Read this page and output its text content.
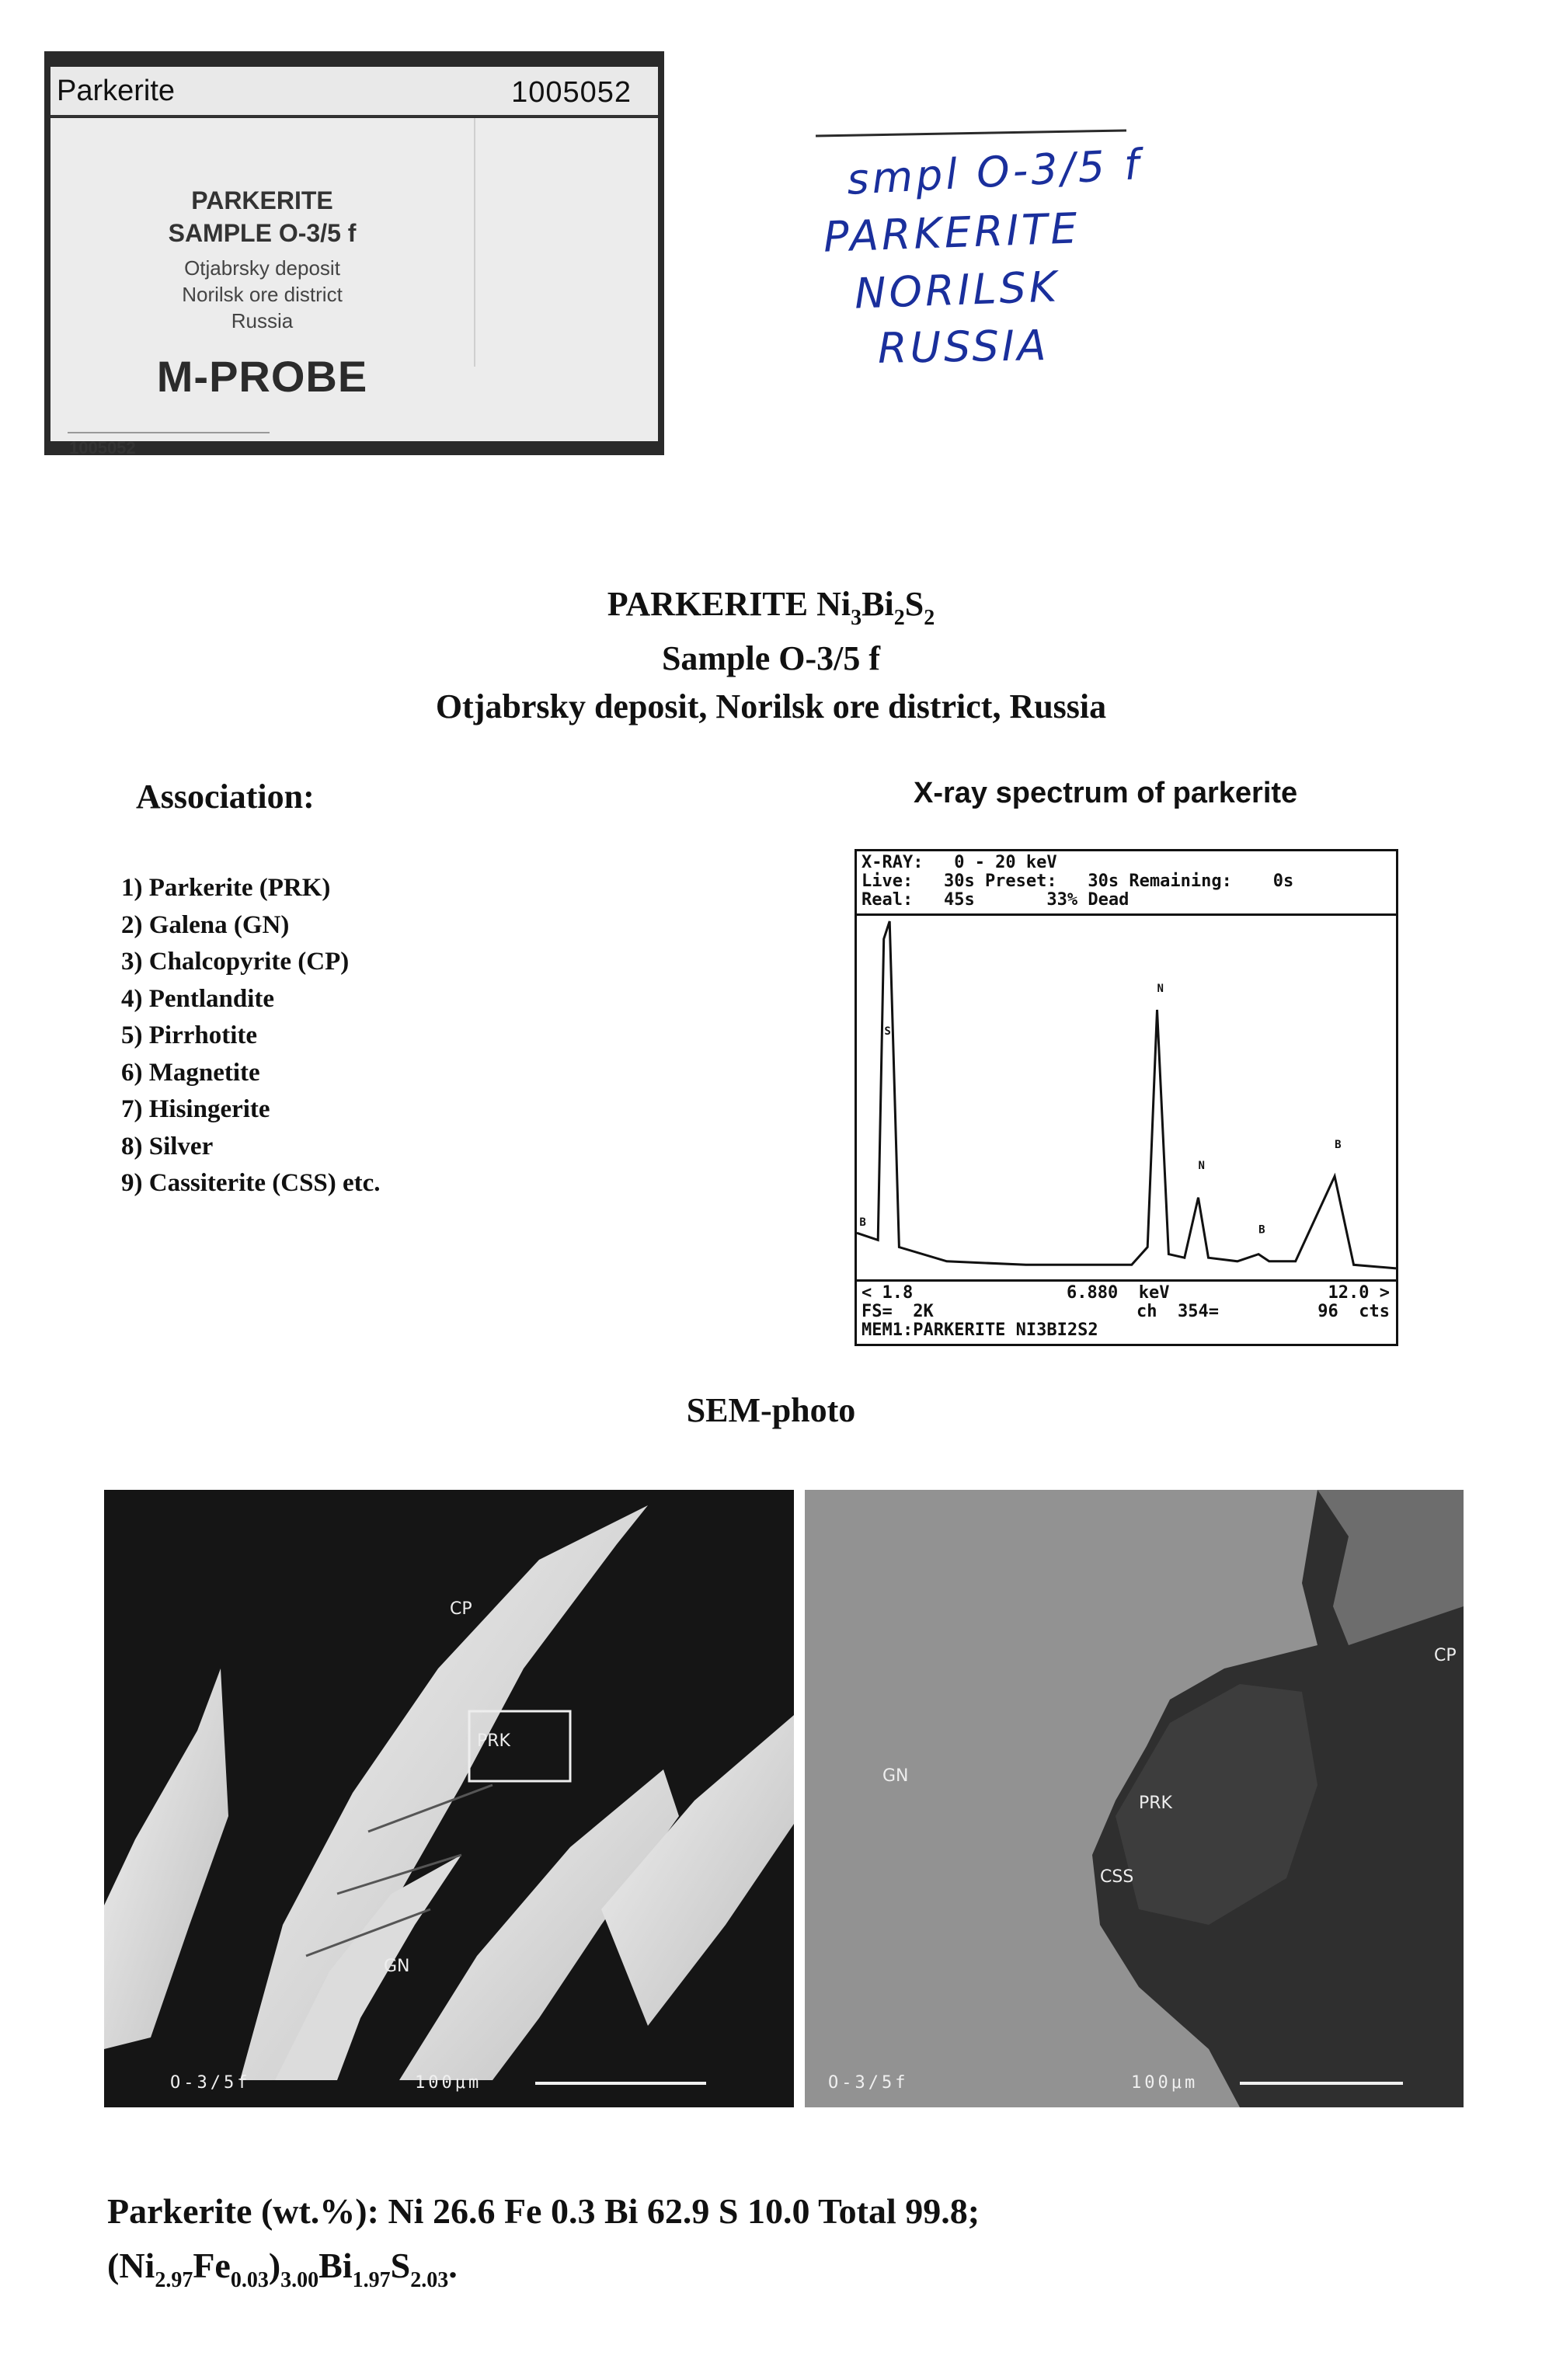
Parkerite	1005052
PARKERITE
SAMPLE O-3/5 f
Otjabrsky deposit
Norilsk ore district
Russia
M-PROBE
1005052
smpl O-3/5 f
PARKERITE
NORILSK
RUSSIA
PARKERITE $Ni_3Bi_2S_2$
Sample O-3/5 f
Otjabrsky deposit, Norilsk ore district, Russia
Association:
1) Parkerite (PRK)
2) Galena (GN)
3) Chalcopyrite (CP)
4) Pentlandite
5) Pirrhotite
6) Magnetite
7) Hisingerite
8) Silver
9) Cassiterite (CSS) etc.
X-ray spectrum of parkerite
X-RAY:   0 - 20 keV
Live:   30s Preset:   30s Remaining:    0s
Real:   45s       33% Dead
B
S
N
N
B
B
< 1.8	6.880  keV	12.0 >
FS=  2K	ch  354=	96  cts
MEM1:PARKERITE NI3BI2S2
SEM-photo
CP
PRK
GN
O-3/5f	100μm
CP
GN
PRK
CSS
O-3/5f	100μm
Parkerite (wt.%): Ni 26.6 Fe 0.3 Bi 62.9 S 10.0 Total 99.8;
$(Ni_{2.97}Fe_{0.03})_{3.00}Bi_{1.97}S_{2.03}$.
